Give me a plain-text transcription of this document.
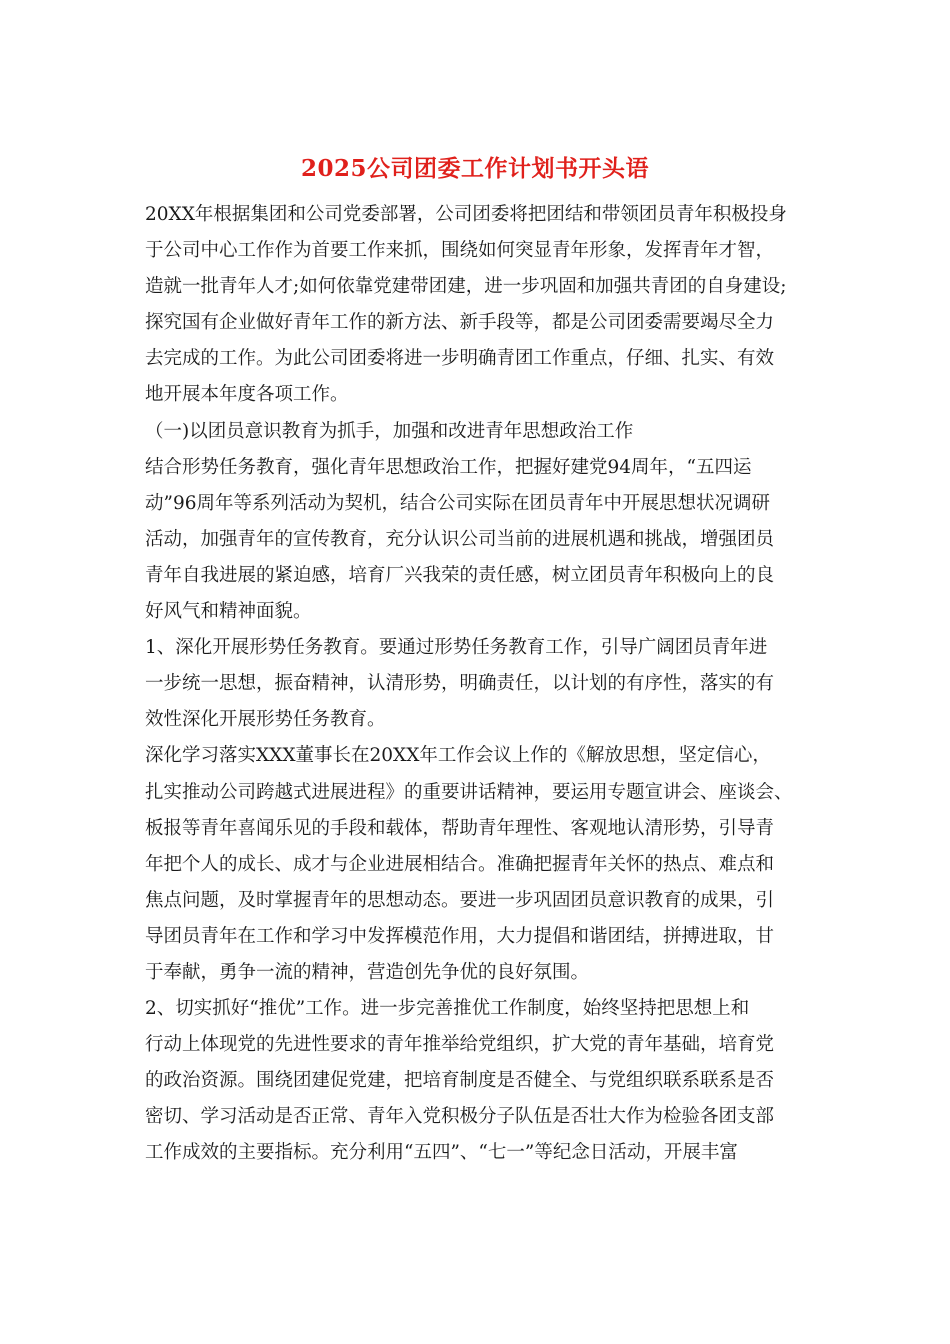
2025公司团委工作计划书开头语

20XX年根据集团和公司党委部署，公司团委将把团结和带领团员青年积极投身

于公司中心工作作为首要工作来抓，围绕如何突显青年形象，发挥青年才智，

造就一批青年人才;如何依靠党建带团建，进一步巩固和加强共青团的自身建设;

探究国有企业做好青年工作的新方法、新手段等，都是公司团委需要竭尽全力

去完成的工作。为此公司团委将进一步明确青团工作重点，仔细、扎实、有效

地开展本年度各项工作。

（一)以团员意识教育为抓手，加强和改进青年思想政治工作

结合形势任务教育，强化青年思想政治工作，把握好建党94周年，“五四运

动”96周年等系列活动为契机，结合公司实际在团员青年中开展思想状况调研

活动，加强青年的宣传教育，充分认识公司当前的进展机遇和挑战，增强团员

青年自我进展的紧迫感，培育厂兴我荣的责任感，树立团员青年积极向上的良

好风气和精神面貌。

1、深化开展形势任务教育。要通过形势任务教育工作，引导广阔团员青年进

一步统一思想，振奋精神，认清形势，明确责任，以计划的有序性，落实的有

效性深化开展形势任务教育。

深化学习落实XXX董事长在20XX年工作会议上作的《解放思想，坚定信心，

扎实推动公司跨越式进展进程》的重要讲话精神，要运用专题宣讲会、座谈会、

板报等青年喜闻乐见的手段和载体，帮助青年理性、客观地认清形势，引导青

年把个人的成长、成才与企业进展相结合。准确把握青年关怀的热点、难点和

焦点问题，及时掌握青年的思想动态。要进一步巩固团员意识教育的成果，引

导团员青年在工作和学习中发挥模范作用，大力提倡和谐团结，拼搏进取，甘

于奉献，勇争一流的精神，营造创先争优的良好氛围。

2、切实抓好“推优”工作。进一步完善推优工作制度，始终坚持把思想上和

行动上体现党的先进性要求的青年推举给党组织，扩大党的青年基础，培育党

的政治资源。围绕团建促党建，把培育制度是否健全、与党组织联系联系是否

密切、学习活动是否正常、青年入党积极分子队伍是否壮大作为检验各团支部

工作成效的主要指标。充分利用“五四”、“七一”等纪念日活动，开展丰富
